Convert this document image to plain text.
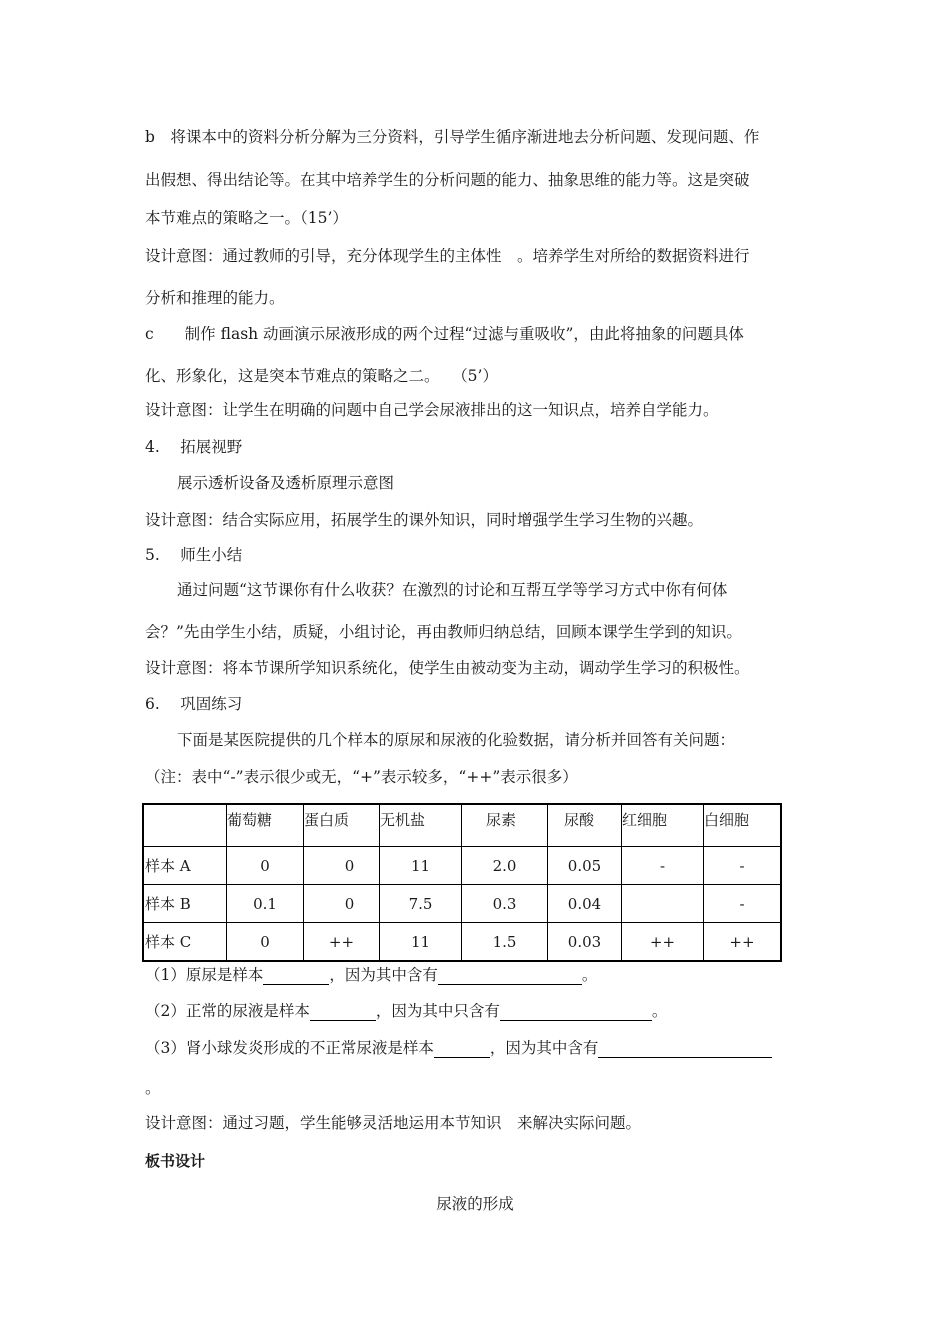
b　将课本中的资料分析分解为三分资料，引导学生循序渐进地去分析问题、发现问题、作
出假想、得出结论等。在其中培养学生的分析问题的能力、抽象思维的能力等。这是突破
本节难点的策略之一。（15’）
设计意图：通过教师的引导，充分体现学生的主体性　。培养学生对所给的数据资料进行
分析和推理的能力。
c　　制作 flash 动画演示尿液形成的两个过程“过滤与重吸收”，由此将抽象的问题具体
化、形象化，这是突本节难点的策略之二。　 （5’）
设计意图：让学生在明确的问题中自己学会尿液排出的这一知识点，培养自学能力。
4.　 拓展视野
展示透析设备及透析原理示意图
设计意图：结合实际应用，拓展学生的课外知识，同时增强学生学习生物的兴趣。
5.　 师生小结
通过问题“这节课你有什么收获？在激烈的讨论和互帮互学等学习方式中你有何体
会？”先由学生小结，质疑，小组讨论，再由教师归纳总结，回顾本课学生学到的知识。
设计意图：将本节课所学知识系统化，使学生由被动变为主动，调动学生学习的积极性。
6.　 巩固练习
下面是某医院提供的几个样本的原尿和尿液的化验数据，请分析并回答有关问题：
（注：表中“-”表示很少或无，“+”表示较多，“++”表示很多）
	葡萄糖	蛋白质	无机盐	尿素	尿酸	红细胞	白细胞
样本 A	0	0	11	2.0	0.05	-	-
样本 B	0.1	0	7.5	0.3	0.04		-
样本 C	0	++	11	1.5	0.03	++	++
（1）原尿是样本	，因为其中含有	。
（2）正常的尿液是样本	，因为其中只含有	。
（3）肾小球发炎形成的不正常尿液是样本	，因为其中含有
。
设计意图：通过习题，学生能够灵活地运用本节知识　来解决实际问题。
板书设计
尿液的形成
